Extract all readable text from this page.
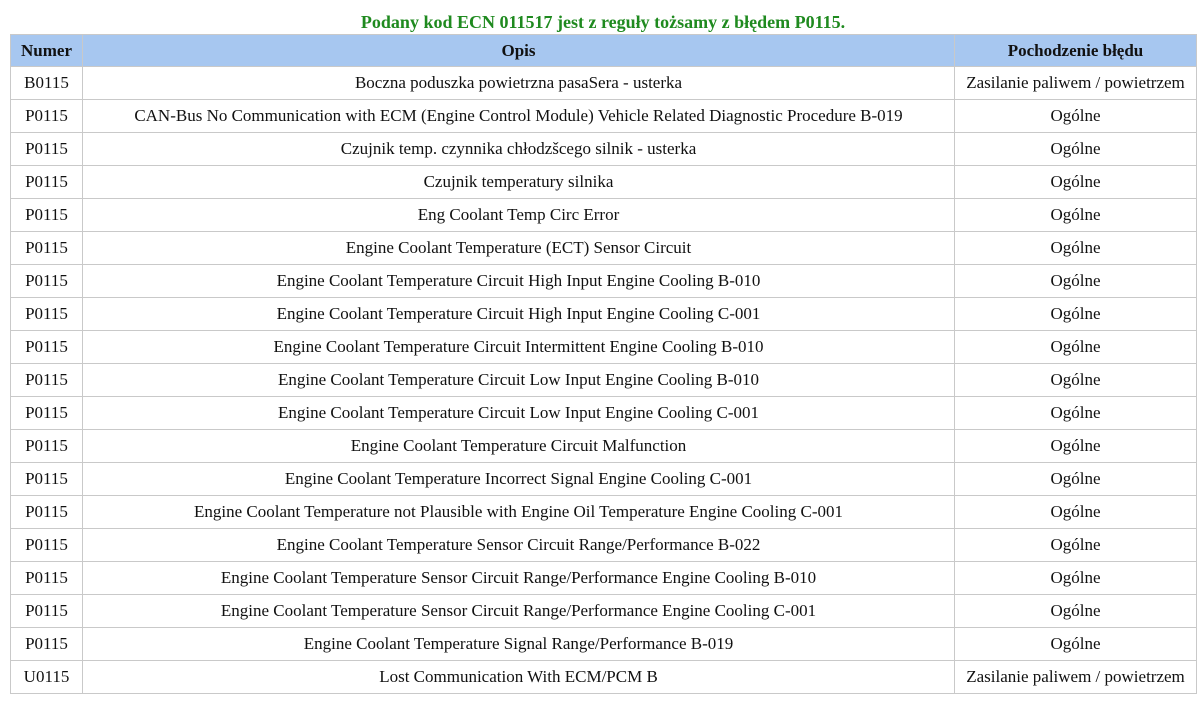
Podany kod ECN 011517 jest z reguły tożsamy z błędem P0115.
Numer	Opis	Pochodzenie błędu
B0115	Boczna poduszka powietrzna pasaSera - usterka	Zasilanie paliwem / powietrzem
P0115	CAN-Bus No Communication with ECM (Engine Control Module) Vehicle Related Diagnostic Procedure B-019	Ogólne
P0115	Czujnik temp. czynnika chłodzšcego silnik - usterka	Ogólne
P0115	Czujnik temperatury silnika	Ogólne
P0115	Eng Coolant Temp Circ Error	Ogólne
P0115	Engine Coolant Temperature (ECT) Sensor Circuit	Ogólne
P0115	Engine Coolant Temperature Circuit High Input Engine Cooling B-010	Ogólne
P0115	Engine Coolant Temperature Circuit High Input Engine Cooling C-001	Ogólne
P0115	Engine Coolant Temperature Circuit Intermittent Engine Cooling B-010	Ogólne
P0115	Engine Coolant Temperature Circuit Low Input Engine Cooling B-010	Ogólne
P0115	Engine Coolant Temperature Circuit Low Input Engine Cooling C-001	Ogólne
P0115	Engine Coolant Temperature Circuit Malfunction	Ogólne
P0115	Engine Coolant Temperature Incorrect Signal Engine Cooling C-001	Ogólne
P0115	Engine Coolant Temperature not Plausible with Engine Oil Temperature Engine Cooling C-001	Ogólne
P0115	Engine Coolant Temperature Sensor Circuit Range/Performance B-022	Ogólne
P0115	Engine Coolant Temperature Sensor Circuit Range/Performance Engine Cooling B-010	Ogólne
P0115	Engine Coolant Temperature Sensor Circuit Range/Performance Engine Cooling C-001	Ogólne
P0115	Engine Coolant Temperature Signal Range/Performance B-019	Ogólne
U0115	Lost Communication With ECM/PCM B	Zasilanie paliwem / powietrzem
